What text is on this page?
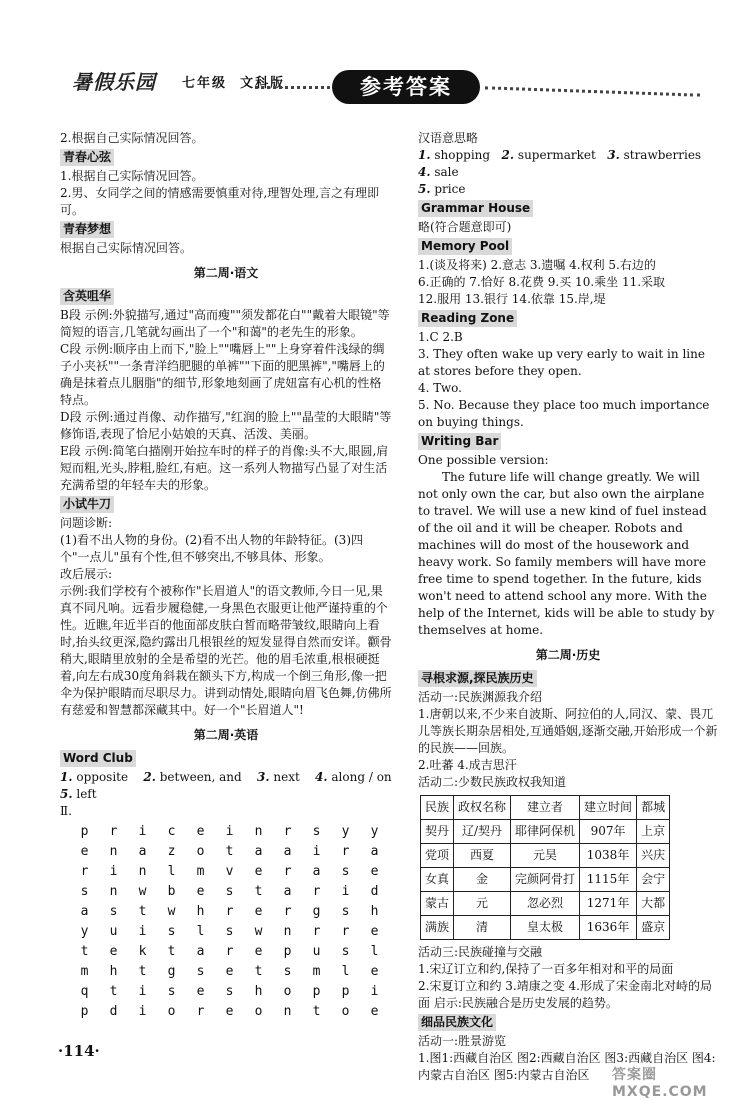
暑假乐园 七年级 文科版	参考答案

2.根据自己实际情况回答。

青春心弦

1.根据自己实际情况回答。

2.男、女同学之间的情感需要慎重对待,理智处理,言之有理即可。

青春梦想

根据自己实际情况回答。

第二周·语文
含英咀华

B段 示例:外貌描写,通过"高而瘦""须发都花白""戴着大眼镜"等简短的语言,几笔就勾画出了一个"和蔼"的老先生的形象。

C段 示例:顺序由上而下,"脸上""嘴唇上""上身穿着件浅绿的绸子小夹袄""一条青洋绉肥腿的单裤""下面的肥黑裤","嘴唇上的确是抹着点儿胭脂"的细节,形象地刻画了虎妞富有心机的性格特点。

D段 示例:通过肖像、动作描写,"红润的脸上""晶莹的大眼睛"等修饰语,表现了恰尼小姑娘的天真、活泼、美丽。

E段 示例:简笔白描刚开始拉车时的样子的肖像:头不大,眼圆,肩短而粗,光头,脖粗,脸红,有疤。这一系列人物描写凸显了对生活充满希望的年轻车夫的形象。

小试牛刀

问题诊断:

(1)看不出人物的身份。(2)看不出人物的年龄特征。(3)四个"一点儿"虽有个性,但不够突出,不够具体、形象。

改后展示:

示例:我们学校有个被称作"长眉道人"的语文教师,今日一见,果真不同凡响。远看步履稳健,一身黑色衣服更让他严谨持重的个性。近瞧,年近半百的他面部皮肤白皙而略带皱纹,眼睛向上看时,抬头纹更深,隐约露出几根银丝的短发显得自然而安详。颧骨稍大,眼睛里放射的全是希望的光芒。他的眉毛浓重,根根硬挺着,向左右成30度角斜栽在额头下方,构成一个倒三角形,像一把伞为保护眼睛而尽职尽力。讲到动情处,眼睛向眉飞色舞,仿佛所有慈爱和智慧都深藏其中。好一个"长眉道人"!

第二周·英语
Word Club

1. opposite 2. between, and 3. next 4. along / on

5. left

Ⅱ.

p	r	i	c	e	i	n	r	s	y	y
e	n	a	z	o	t	a	a	i	r	a
r	i	n	l	m	v	e	r	a	s	e
s	n	w	b	e	s	t	a	r	i	d
a	s	t	w	h	r	e	r	g	s	h
y	u	i	s	l	s	w	n	r	r	e
t	e	k	t	a	r	e	p	u	s	l
m	h	t	g	s	e	t	s	m	l	e
q	t	i	s	e	s	h	o	p	p	i
p	d	i	o	r	e	o	n	t	o	e

汉语意思略

1. shopping 2. supermarket 3. strawberries   4. sale

5. price

Grammar House

略(符合题意即可)

Memory Pool

1.(谈及将来) 2.意志 3.遗嘱 4.权利 5.右边的

6.正确的 7.恰好 8.花费 9.买 10.乘坐 11.采取

12.服用 13.银行 14.依靠 15.岸,堤

Reading Zone

1.C 2.B

3. They often wake up very early to wait in line at stores before they open.

4. Two.

5. No. Because they place too much importance on buying things.

Writing Bar

One possible version:

The future life will change greatly. We will not only own the car, but also own the airplane to travel. We will use a new kind of fuel instead of the oil and it will be cheaper. Robots and machines will do most of the housework and heavy work. So family members will have more free time to spend together. In the future, kids won't need to attend school any more. With the help of the Internet, kids will be able to study by themselves at home.

第二周·历史
寻根求源,探民族历史

活动一:民族渊源我介绍

1.唐朝以来,不少来自波斯、阿拉伯的人,同汉、蒙、畏兀儿等族长期杂居相处,互通婚姻,逐渐交融,开始形成一个新的民族——回族。

2.吐蕃 4.成吉思汗

活动二:少数民族政权我知道

民族	政权名称	建立者	建立时间	都城
契丹	辽/契丹	耶律阿保机	907年	上京
党项	西夏	元昊	1038年	兴庆
女真	金	完颜阿骨打	1115年	会宁
蒙古	元	忽必烈	1271年	大都
满族	清	皇太极	1636年	盛京

活动三:民族碰撞与交融

1.宋辽订立和约,保持了一百多年相对和平的局面

2.宋夏订立和约 3.靖康之变 4.形成了宋金南北对峙的局面 启示:民族融合是历史发展的趋势。

细品民族文化

活动一:胜景游览

1.图1:西藏自治区 图2:西藏自治区 图3:西藏自治区 图4:内蒙古自治区 图5:内蒙古自治区

·114·
答案圈 MXQE.COM
